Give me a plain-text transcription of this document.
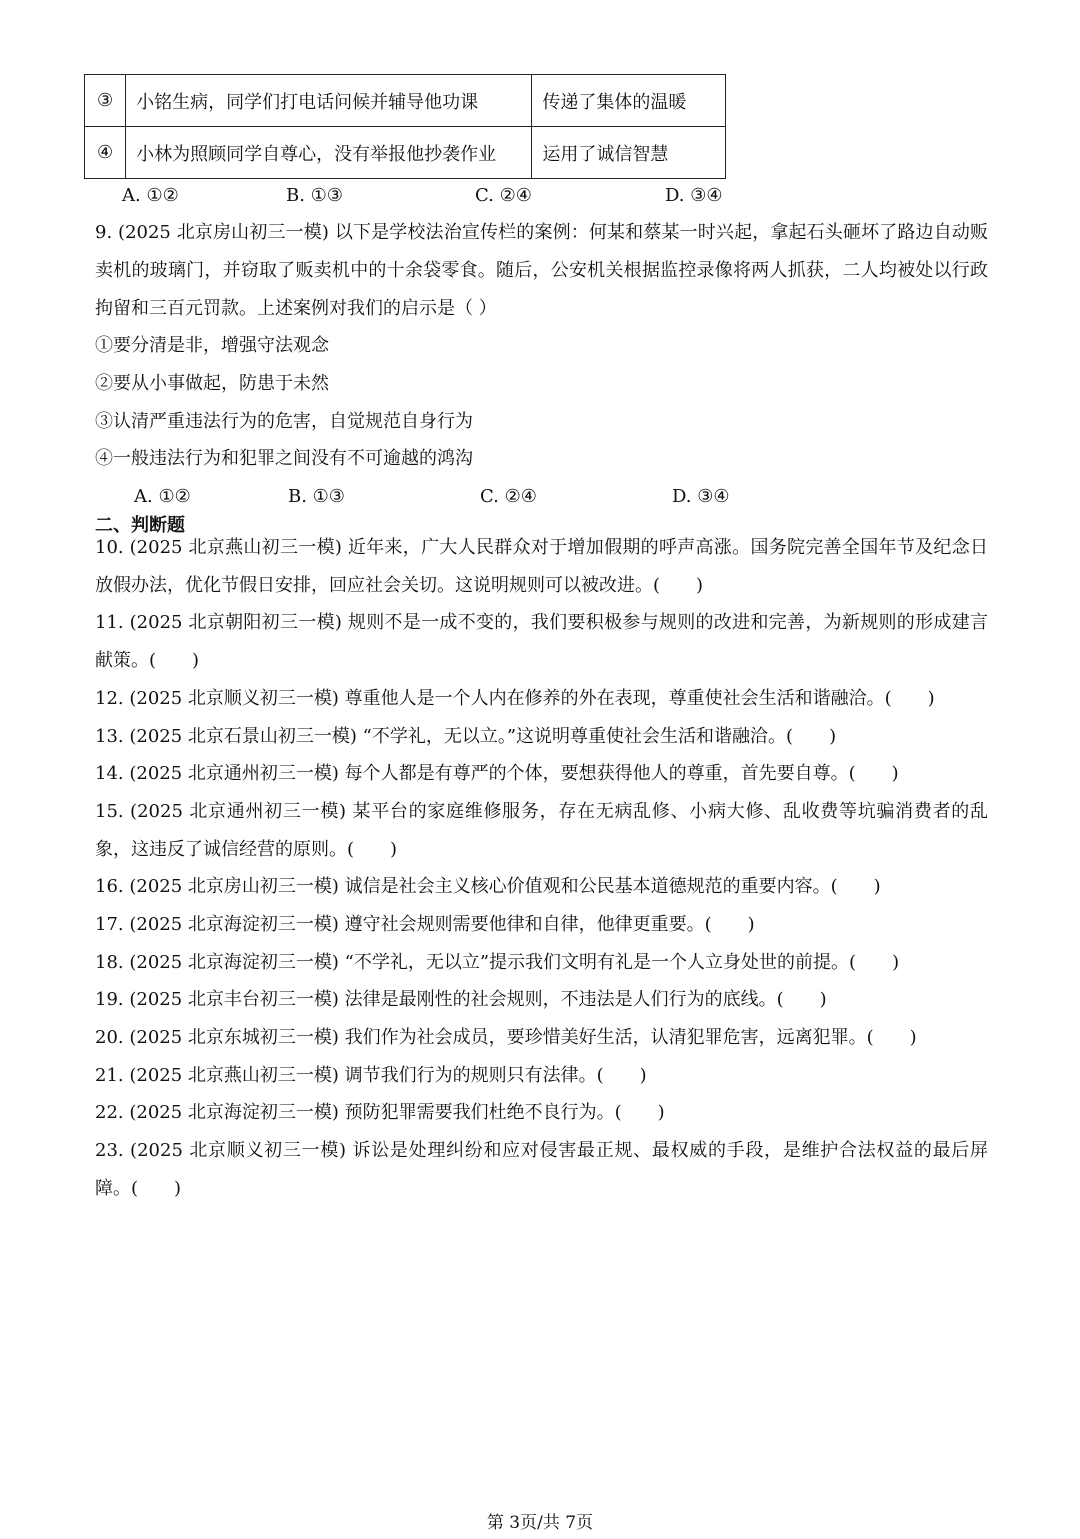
③	小铭生病，同学们打电话问候并辅导他功课	传递了集体的温暖
④	小林为照顾同学自尊心，没有举报他抄袭作业	运用了诚信智慧
A. ①②	B. ①③	C. ②④	D. ③④
9. (2025 北京房山初三一模) 以下是学校法治宣传栏的案例：何某和蔡某一时兴起，拿起石头砸坏了路边自动贩卖机的玻璃门，并窃取了贩卖机中的十余袋零食。随后，公安机关根据监控录像将两人抓获，二人均被处以行政拘留和三百元罚款。上述案例对我们的启示是（ ）
①要分清是非，增强守法观念
②要从小事做起，防患于未然
③认清严重违法行为的危害，自觉规范自身行为
④一般违法行为和犯罪之间没有不可逾越的鸿沟
A. ①②	B. ①③	C. ②④	D. ③④
二、判断题
10. (2025 北京燕山初三一模) 近年来，广大人民群众对于增加假期的呼声高涨。国务院完善全国年节及纪念日放假办法，优化节假日安排，回应社会关切。这说明规则可以被改进。(　　)
11. (2025 北京朝阳初三一模) 规则不是一成不变的，我们要积极参与规则的改进和完善，为新规则的形成建言献策。(　　)
12. (2025 北京顺义初三一模) 尊重他人是一个人内在修养的外在表现，尊重使社会生活和谐融洽。(　　)
13. (2025 北京石景山初三一模) “不学礼，无以立。”这说明尊重使社会生活和谐融洽。(　　)
14. (2025 北京通州初三一模) 每个人都是有尊严的个体，要想获得他人的尊重，首先要自尊。(　　)
15. (2025 北京通州初三一模) 某平台的家庭维修服务，存在无病乱修、小病大修、乱收费等坑骗消费者的乱象，这违反了诚信经营的原则。(　　)
16. (2025 北京房山初三一模) 诚信是社会主义核心价值观和公民基本道德规范的重要内容。(　　)
17. (2025 北京海淀初三一模) 遵守社会规则需要他律和自律，他律更重要。(　　)
18. (2025 北京海淀初三一模) “不学礼，无以立”提示我们文明有礼是一个人立身处世的前提。(　　)
19. (2025 北京丰台初三一模) 法律是最刚性的社会规则，不违法是人们行为的底线。(　　)
20. (2025 北京东城初三一模) 我们作为社会成员，要珍惜美好生活，认清犯罪危害，远离犯罪。(　　)
21. (2025 北京燕山初三一模) 调节我们行为的规则只有法律。(　　)
22. (2025 北京海淀初三一模) 预防犯罪需要我们杜绝不良行为。(　　)
23. (2025 北京顺义初三一模) 诉讼是处理纠纷和应对侵害最正规、最权威的手段，是维护合法权益的最后屏障。(　　)
第 3页/共 7页
